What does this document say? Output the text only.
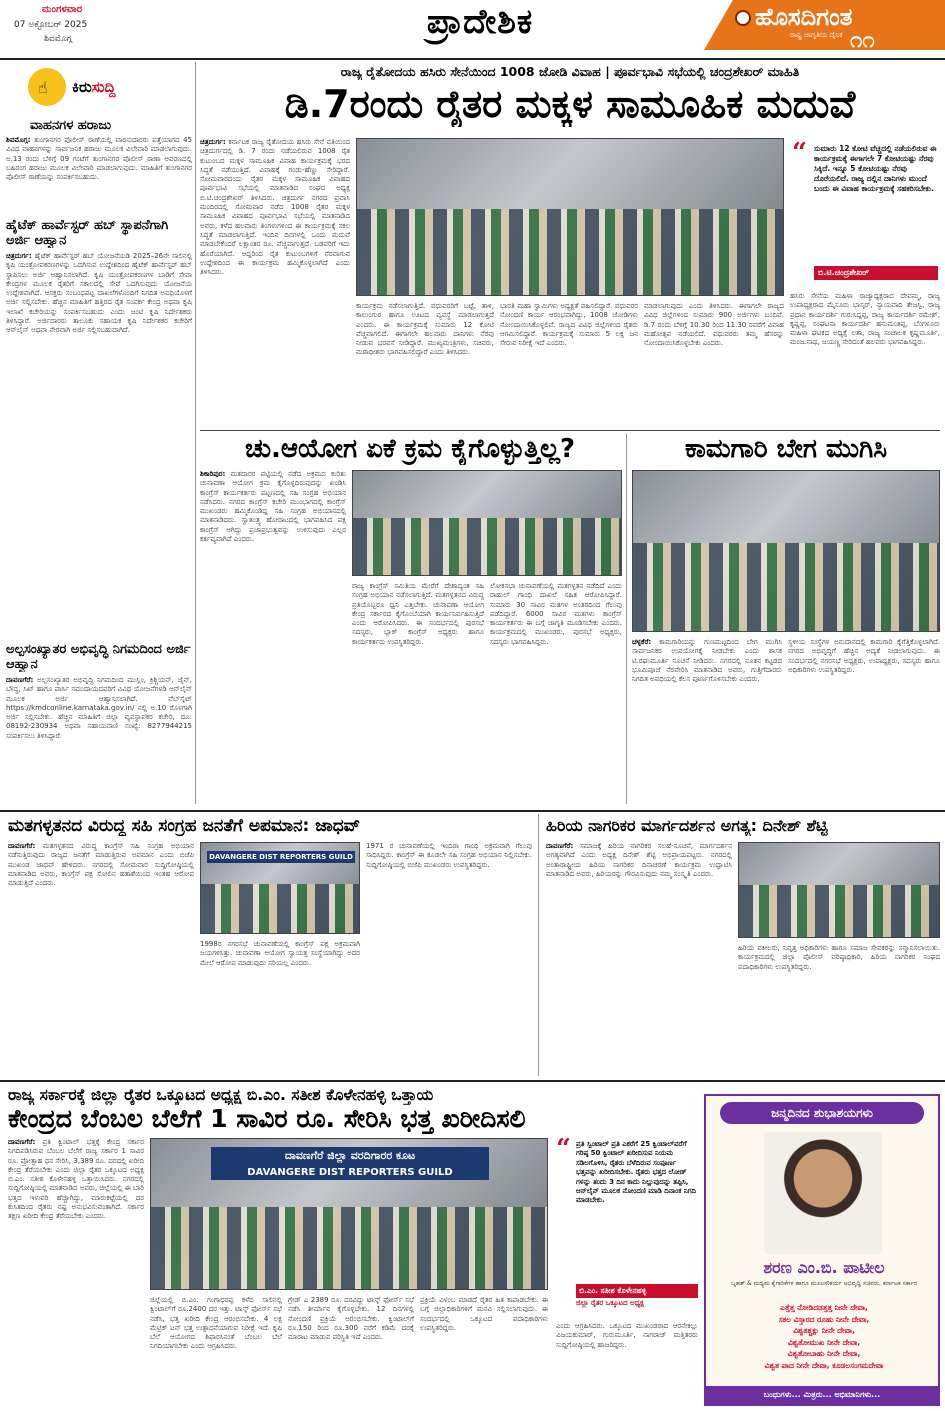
ಮಂಗಳವಾರ
07 ಅಕ್ಟೋಬರ್ 2025
ಶಿವಮೊಗ್ಗ	ಪ್ರಾದೇಶಿಕ	ಹೊಸದಿಗಂತ
ರಾಷ್ಟ್ರ ಜಾಗೃತಿಯ ದೈನಿಕ ೧೧
☝ ಕಿರುಸುದ್ದಿ
ವಾಹನಗಳ ಹರಾಜು
ಶಿವಮೊಗ್ಗ: ತುಂಗಾನಗರ ಪೊಲೀಸ್ ಠಾಣೆಯಲ್ಲಿ ವಾರಸುದಾರರು ಪತ್ತೆಯಾಗದ 45 ವಿವಿಧ ವಾಹನಗಳನ್ನು ಸಾರ್ವಜನಿಕ ಹರಾಜು ಮೂಲಕ ವಿಲೇವಾರಿ ಮಾಡಲಾಗುವುದು. ಅ.13 ರಂದು ಬೆಳಿಗ್ಗೆ 09 ಗಂಟೆಗೆ ತುಂಗಾನಗರ ಪೊಲೀಸ್ ಠಾಣಾ ಆವರಣದಲ್ಲಿ ಬಹಿರಂಗ ಹರಾಜು ಮೂಲಕ ವಿಲೇವಾರಿ ಮಾಡಲಾಗುವುದು. ಮಾಹಿತಿಗೆ ತುಂಗಾನಗರ ಪೊಲೀಸ್ ಠಾಣೆಯನ್ನು ಸಂಪರ್ಕಿಸಬಹುದು.
ಹೈಟೆಕ್ ಹಾರ್ವೆಸ್ಟರ್ ಹಬ್ ಸ್ಥಾಪನೆಗಾಗಿ ಅರ್ಜಿ ಆಹ್ವಾನ
ಚಿತ್ರದುರ್ಗ: ಹೈಟೆಕ್ ಹಾರ್ವೆಸ್ಟರ್ ಹಬ್ ಯೋಜನೆಯಡಿ 2025–26ನೇ ಸಾಲಿನಲ್ಲಿ ಕೃಷಿ ಯಂತ್ರೋಪಕರಣಗಳನ್ನು ಒದಗಿಸುವ ಉದ್ದೇಶದಿಂದ ಹೈಟೆಕ್ ಹಾರ್ವೆಸ್ಟರ್ ಹಬ್ ಸ್ಥಾಪಿಸಲು ಅರ್ಜಿ ಆಹ್ವಾನಿಸಲಾಗಿದೆ. ಕೃಷಿ ಯಂತ್ರೋಪಕರಣಗಳ ಬಾಡಿಗೆ ಸೇವಾ ಕೇಂದ್ರಗಳ ಮೂಲಕ ರೈತರಿಗೆ ಸಕಾಲದಲ್ಲಿ ಸೇವೆ ಒದಗಿಸುವುದು ಯೋಜನೆಯ ಉದ್ದೇಶವಾಗಿದೆ. ಆಸಕ್ತರು ಸಂಬಂಧಪಟ್ಟ ದಾಖಲೆಗಳೊಂದಿಗೆ ನಿಗದಿತ ಅವಧಿಯೊಳಗೆ ಅರ್ಜಿ ಸಲ್ಲಿಸಬೇಕು. ಹೆಚ್ಚಿನ ಮಾಹಿತಿಗೆ ಹತ್ತಿರದ ರೈತ ಸಂಪರ್ಕ ಕೇಂದ್ರ ಅಥವಾ ಕೃಷಿ ಇಲಾಖೆ ಕಚೇರಿಯನ್ನು ಸಂಪರ್ಕಿಸಬಹುದು ಎಂದು ಜಂಟಿ ಕೃಷಿ ನಿರ್ದೇಶಕರು ತಿಳಿಸಿದ್ದಾರೆ. ಅರ್ಜಿದಾರರು ತಾಲೂಕು ಸಹಾಯಕ ಕೃಷಿ ನಿರ್ದೇಶಕರ ಕಚೇರಿಗೆ ಆನ್‌ಲೈನ್ ಅಥವಾ ನೇರವಾಗಿ ಅರ್ಜಿ ಸಲ್ಲಿಸಬಹುದಾಗಿದೆ.
ಅಲ್ಪಸಂಖ್ಯಾತರ ಅಭಿವೃದ್ಧಿ ನಿಗಮದಿಂದ ಅರ್ಜಿ ಆಹ್ವಾನ
ದಾವಣಗೆರೆ: ಅಲ್ಪಸಂಖ್ಯಾತರ ಅಭಿವೃದ್ಧಿ ನಿಗಮದಿಂದ ಮುಸ್ಲಿಂ, ಕ್ರಿಶ್ಚಿಯನ್, ಜೈನ್, ಬೌದ್ಧ, ಸಿಖ್ ಹಾಗೂ ಪಾರ್ಸಿ ಸಮುದಾಯದವರಿಗೆ ವಿವಿಧ ಯೋಜನೆಗಳಡಿ ಆನ್‌ಲೈನ್ ಮೂಲಕ ಅರ್ಜಿ ಆಹ್ವಾನಿಸಲಾಗಿದೆ. ವೆಬ್‌ಸೈಟ್ https://kmdconline.karnataka.gov.in/ ನಲ್ಲಿ ಅ.10 ರೊಳಗಾಗಿ ಅರ್ಜಿ ಸಲ್ಲಿಸಬೇಕು. ಹೆಚ್ಚಿನ ಮಾಹಿತಿಗೆ ಜಿಲ್ಲಾ ವ್ಯವಸ್ಥಾಪಕರ ಕಚೇರಿ, ದೂ: 08192-230934 ಅಥವಾ ಸಹಾಯವಾಣಿ ಸಂಖ್ಯೆ: 8277944215 ಸಂಪರ್ಕಿಸಲು ತಿಳಿಸಿದ್ದಾರೆ.
ರಾಜ್ಯ ರೈತೋದಯ ಹಸಿರು ಸೇನೆಯಿಂದ 1008 ಜೋಡಿ ವಿವಾಹ | ಪೂರ್ವಭಾವಿ ಸಭೆಯಲ್ಲಿ ಚಂದ್ರಶೇಖರ್ ಮಾಹಿತಿ
ಡಿ.7ರಂದು ರೈತರ ಮಕ್ಕಳ ಸಾಮೂಹಿಕ ಮದುವೆ
ಚಿತ್ರದುರ್ಗ: ಕರ್ನಾಟಕ ರಾಜ್ಯ ರೈತೋದಯ ಹಸಿರು ಸೇನೆ ವತಿಯಿಂದ ಚಿತ್ರದುರ್ಗದಲ್ಲಿ ಡಿ. 7 ರಂದು ನಡೆಯಲಿರುವ 1008 ರೈತ ಕುಟುಂಬದ ಮಕ್ಕಳ ಸಾಮೂಹಿಕ ವಿವಾಹ ಕಾರ್ಯಕ್ರಮಕ್ಕೆ ಭರದ ಸಿದ್ಧತೆ ನಡೆಯುತ್ತಿದೆ. ವಿವಾಹಕ್ಕೆ ಗಂಡು-ಹೆಣ್ಣು ಸೇರಿದ್ದಾರೆ. ಸೋಮವಾರದಂದು ರೈತರ ಮಕ್ಕಳ ಸಾಮೂಹಿಕ ವಿವಾಹದ ಪೂರ್ವಭಾವಿ ಸಭೆಯಲ್ಲಿ ಮಾತನಾಡಿದ ಸಂಘದ ಅಧ್ಯಕ್ಷ ಬಿ.ಟಿ.ಚಂದ್ರಶೇಖರ್ ತಿಳಿಸಿದರು. ಚಿತ್ರದುರ್ಗ ನಗರದ ಪ್ರವಾಸಿ ಮಂದಿರದಲ್ಲಿ ಸೋಮವಾರ ನಡೆದ 1008 ರೈತರ ಮಕ್ಕಳ ಸಾಮೂಹಿಕ ವಿವಾಹದ ಪೂರ್ವಭಾವಿ ಸಭೆಯಲ್ಲಿ ಮಾತನಾಡಿದ ಅವರು, ಕಳೆದ ಹಲವಾರು ತಿಂಗಳುಗಳಿಂದ ಈ ಕಾರ್ಯಕ್ರಮಕ್ಕೆ ಸಕಲ ಸಿದ್ಧತೆ ಮಾಡಲಾಗುತ್ತಿದೆ. ಇಂದಿನ ದಿನಗಳಲ್ಲಿ ಒಂದು ಮದುವೆ ಮಾಡಬೇಕೆಂದರೆ ಲಕ್ಷಾಂತರ ರೂ. ವೆಚ್ಚವಾಗುತ್ತದೆ. ಬಡವರಿಗೆ ಇದು ಹೊರೆಯಾಗಿದೆ. ಆದ್ದರಿಂದ ರೈತ ಕುಟುಂಬಗಳಿಗೆ ನೆರವಾಗುವ ಉದ್ದೇಶದಿಂದ ಈ ಕಾರ್ಯಕ್ರಮ ಹಮ್ಮಿಕೊಳ್ಳಲಾಗಿದೆ ಎಂದು ತಿಳಿಸಿದರು.
ಕಾರ್ಯಕ್ರಮ ನಡೆಸಲಾಗುತ್ತಿದೆ. ವಧುವರರಿಗೆ ಬಟ್ಟೆ, ತಾಳಿ, ಕಾಲುಂಗುರ ಹಾಗೂ ಊಟದ ವ್ಯವಸ್ಥೆ ಮಾಡಲಾಗುತ್ತದೆ ಎಂದರು. ಈ ಕಾರ್ಯಕ್ರಮಕ್ಕೆ ಸುಮಾರು 12 ಕೋಟಿ ವೆಚ್ಚವಾಗಲಿದೆ. ಈಗಾಗಲೇ ಹಲವಾರು ದಾನಿಗಳು ನೆರವು ನೀಡುವ ಭರವಸೆ ನೀಡಿದ್ದಾರೆ. ಮುಖ್ಯಮಂತ್ರಿಗಳು, ಸಚಿವರು, ಮಠಾಧೀಶರು ಭಾಗವಹಿಸಲಿದ್ದಾರೆ ಎಂದು ತಿಳಿಸಿದರು.
ಭಾರತಿ ಮಹಾ ಸ್ವಾಮಿಗಳು ಅಧ್ಯಕ್ಷತೆ ವಹಿಸಲಿದ್ದಾರೆ. ವಧುವರರ ನೋಂದಣಿ ಕಾರ್ಯ ಆರಂಭವಾಗಿದ್ದು, 1008 ಜೋಡಿಗಳು ನೋಂದಾಯಿಸಿಕೊಳ್ಳಲಿವೆ. ರಾಜ್ಯದ ವಿವಿಧ ಜಿಲ್ಲೆಗಳಿಂದ ರೈತರು ಆಗಮಿಸಲಿದ್ದಾರೆ. ಕಾರ್ಯಕ್ರಮಕ್ಕೆ ಸುಮಾರು 5 ಲಕ್ಷ ಜನ ಸೇರುವ ನಿರೀಕ್ಷೆ ಇದೆ ಎಂದರು.
ಮಾಡಲಾಗುವುದು ಎಂದು ತಿಳಿಸಿದರು. ಈಗಾಗಲೇ ರಾಜ್ಯದ ವಿವಿಧ ಜಿಲ್ಲೆಗಳಿಂದ ಸುಮಾರು 900 ಅರ್ಜಿಗಳು ಬಂದಿವೆ. ಡಿ.7 ರಂದು ಬೆಳಿಗ್ಗೆ 10.30 ರಿಂದ 11.30 ರವರೆಗೆ ವಿವಾಹ ಮಹೋತ್ಸವ ನಡೆಯಲಿದೆ. ವಧುವರರು ತಮ್ಮ ಹೆಸರನ್ನು ನೋಂದಾಯಿಸಿಕೊಳ್ಳಬೇಕು ಎಂದರು.
“ ಸುಮಾರು 12 ಕೋಟಿ ವೆಚ್ಚದಲ್ಲಿ ನಡೆಯಲಿರುವ ಈ ಕಾರ್ಯಕ್ರಮಕ್ಕೆ ಈಗಾಗಲೇ 7 ಕೋಟಿಯಷ್ಟು ನೆರವು ಸಿಕ್ಕಿದೆ. ಇನ್ನೂ 5 ಕೋಟಿಯಷ್ಟು ನೆರವು ದೊರೆಯಲಿದೆ. ರಾಜ್ಯ ದಲ್ಲಿನ ದಾನಿಗಳು ಮುಂದೆ ಬಂದು ಈ ವಿವಾಹ ಕಾರ್ಯಕ್ರಮಕ್ಕೆ ಸಹಕರಿಸಬೇಕು.
ಬಿ.ಟಿ.ಚಂದ್ರಶೇಖರ್
ಹಸಿರು ಸೇನೆಯ ಮಹಿಳಾ ರಾಜ್ಯಾಧ್ಯಕ್ಷರಾದ ದೇವಮ್ಮ, ರಾಜ್ಯ ಉಪಾಧ್ಯಕ್ಷರಾದ ಮೈಸೂರು ಭಾಸ್ಕರ್, ನ್ಯಾಯವಾದಿ ತೇಜಸ್ವಿ, ರಾಜ್ಯ ಪ್ರಧಾನ ಕಾರ್ಯದರ್ಶಿ ಗುರುಸಿದ್ದಪ್ಪ, ರಾಜ್ಯ ಕಾರ್ಯದರ್ಶಿ ರಮೇಶ್, ಕೃಷ್ಣಪ್ಪ, ಸಂಘಟನಾ ಕಾರ್ಯದರ್ಶಿ ಹನುಮಂತಪ್ಪ, ಬೆಂಗಳೂರು ಮಹಿಳಾ ಘಟಕದ ಅಧ್ಯಕ್ಷೆ ಲತಾ, ರಾಜ್ಯ ಸಂಚಾಲಕ ಕೃಷ್ಣಮೂರ್ತಿ, ಮಂಜುನಾಥ, ಜಯಣ್ಣ ಸೇರಿದಂತೆ ಹಲವರು ಭಾಗವಹಿಸಿದ್ದರು.
ಚು.ಆಯೋಗ ಏಕೆ ಕ್ರಮ ಕೈಗೊಳ್ಳುತ್ತಿಲ್ಲ?
ಶಿಕಾರಿಪುರ: ಮತದಾರರ ಪಟ್ಟಿಯಲ್ಲಿ ನಡೆದ ಅಕ್ರಮದ ಕುರಿತು ಚುನಾವಣಾ ಆಯೋಗ ಕ್ರಮ ಕೈಗೊಳ್ಳದಿರುವುದನ್ನು ಖಂಡಿಸಿ ಕಾಂಗ್ರೆಸ್ ಕಾರ್ಯಕರ್ತರು ಪಟ್ಟಣದಲ್ಲಿ ಸಹಿ ಸಂಗ್ರಹ ಅಭಿಯಾನ ನಡೆಸಿದರು. ನಗರದ ಕಾಂಗ್ರೆಸ್ ಕಚೇರಿ ಮುಂಭಾಗದಲ್ಲಿ ಕಾಂಗ್ರೆಸ್ ಮುಖಂಡರು ಹಮ್ಮಿಕೊಂಡಿದ್ದ ಸಹಿ ಸಂಗ್ರಹ ಅಭಿಯಾನದಲ್ಲಿ ಮಾತನಾಡಿದರು. ಸ್ವಾತಂತ್ರ್ಯ ಹೋರಾಟದಲ್ಲಿ ಭಾಗವಹಿಸಿದ ಪಕ್ಷ ಕಾಂಗ್ರೆಸ್ ಆಗಿದ್ದು ಪ್ರಜಾಪ್ರಭುತ್ವವನ್ನು ಉಳಿಸುವುದು ಎಲ್ಲರ ಕರ್ತವ್ಯವಾಗಿದೆ ಎಂದರು.
ರಾಜ್ಯ ಕಾಂಗ್ರೆಸ್ ಸಮಿತಿಯ ಮೇರೆಗೆ ದೇಶಾದ್ಯಂತ ಸಹಿ ಸಂಗ್ರಹ ಅಭಿಯಾನ ನಡೆಸಲಾಗುತ್ತಿದೆ. ಮತಗಳ್ಳತನದ ವಿರುದ್ಧ ಪ್ರತಿಯೊಬ್ಬರೂ ಧ್ವನಿ ಎತ್ತಬೇಕು. ಚುನಾವಣಾ ಆಯೋಗ ಕೇಂದ್ರ ಸರ್ಕಾರದ ಕೈಗೊಂಬೆಯಾಗಿ ಕಾರ್ಯನಿರ್ವಹಿಸುತ್ತಿದೆ ಎಂದು ಆರೋಪಿಸಿದರು. ಈ ಸಂದರ್ಭದಲ್ಲಿ ಪುರಸಭೆ ಸದಸ್ಯರು, ಬ್ಲಾಕ್ ಕಾಂಗ್ರೆಸ್ ಅಧ್ಯಕ್ಷರು ಹಾಗೂ ಕಾರ್ಯಕರ್ತರು ಉಪಸ್ಥಿತರಿದ್ದರು.
ಲೋಕಸಭಾ ಚುನಾವಣೆಯಲ್ಲಿ ಮತಗಳ್ಳತನ ನಡೆದಿದೆ ಎಂದು ರಾಹುಲ್ ಗಾಂಧಿ ದಾಖಲೆ ಸಹಿತ ಆರೋಪಿಸಿದ್ದಾರೆ. ಸುಮಾರು 30 ಸಾವಿರ ಮತಗಳ ಅಂತರದಿಂದ ಗೆಲುವು ಪಡೆದಿದ್ದಾರೆ. 6000 ಸಾವಿರ ಮತಗಳು ಕಾಂಗ್ರೆಸ್ ಕಾರ್ಯಕರ್ತರು ಈ ಬಗ್ಗೆ ಜಾಗೃತಿ ಮೂಡಿಸಬೇಕು ಎಂದರು. ಕಾರ್ಯಕ್ರಮದಲ್ಲಿ ಮುಖಂಡರು, ಪುರಸಭೆ ಅಧ್ಯಕ್ಷರು, ಸದಸ್ಯರು ಭಾಗವಹಿಸಿದ್ದರು.
ಕಾಮಗಾರಿ ಬೇಗ ಮುಗಿಸಿ
ಚಳ್ಳಕೆರೆ: ಕಾಮಗಾರಿಯನ್ನು ಗುಣಮಟ್ಟದಿಂದ ಬೇಗ ಮುಗಿಸಿ ಸಾರ್ವಜನಿಕರ ಉಪಯೋಗಕ್ಕೆ ನೀಡಬೇಕು ಎಂದು ಶಾಸಕ ಟಿ.ರಘುಮೂರ್ತಿ ಸೂಚನೆ ನೀಡಿದರು. ನಗರದಲ್ಲಿ ನೂತನ ಕಟ್ಟಡದ ಭೂಮಿಪೂಜೆ ನೆರವೇರಿಸಿ ಮಾತನಾಡಿದ ಅವರು, ಗುತ್ತಿಗೆದಾರರು ನಿಗದಿತ ಅವಧಿಯಲ್ಲಿ ಕೆಲಸ ಪೂರ್ಣಗೊಳಿಸಬೇಕು ಎಂದರು.
ಸ್ಥಳೀಯ ಸಂಸ್ಥೆಗಳ ಅನುದಾನದಲ್ಲಿ ಕಾಮಗಾರಿ ಕೈಗೆತ್ತಿಕೊಳ್ಳಲಾಗಿದೆ. ನಗರದ ಅಭಿವೃದ್ಧಿಗೆ ಹೆಚ್ಚಿನ ಆದ್ಯತೆ ನೀಡಲಾಗುವುದು. ಈ ಸಂದರ್ಭದಲ್ಲಿ ನಗರಸಭೆ ಅಧ್ಯಕ್ಷರು, ಉಪಾಧ್ಯಕ್ಷರು, ಸದಸ್ಯರು ಹಾಗೂ ಅಧಿಕಾರಿಗಳು ಉಪಸ್ಥಿತರಿದ್ದರು.
ಮತಗಳ್ಳತನದ ವಿರುದ್ಧ ಸಹಿ ಸಂಗ್ರಹ ಜನತೆಗೆ ಅಪಮಾನ: ಜಾಧವ್
ದಾವಣಗೆರೆ: ಮತಗಳ್ಳತನದ ವಿರುದ್ಧ ಕಾಂಗ್ರೆಸ್ ಸಹಿ ಸಂಗ್ರಹ ಅಭಿಯಾನ ನಡೆಸುತ್ತಿರುವುದು ರಾಜ್ಯದ ಜನತೆಗೆ ಮಾಡುತ್ತಿರುವ ಅಪಮಾನ ಎಂದು ಬಿಜೆಪಿ ಮುಖಂಡ ಜಾಧವ್ ಹೇಳಿದರು. ನಗರದಲ್ಲಿ ಸೋಮವಾರ ಸುದ್ದಿಗೋಷ್ಠಿಯಲ್ಲಿ ಮಾತನಾಡಿದ ಅವರು, ಕಾಂಗ್ರೆಸ್ ಪಕ್ಷ ಸೋಲಿನ ಹತಾಶೆಯಿಂದ ಇಂತಹ ಆರೋಪ ಮಾಡುತ್ತಿದೆ ಎಂದರು.
DAVANGERE DIST REPORTERS GUILD
1998ರ ನಗರಸಭೆ ಚುನಾವಣೆಯಲ್ಲಿ ಕಾಂಗ್ರೆಸ್ ಪಕ್ಷ ಅಕ್ರಮವಾಗಿ ಜಯಗಳಿಸಿತ್ತು. ಚುನಾವಣಾ ಆಯೋಗ ಸ್ವಾಯತ್ತ ಸಂಸ್ಥೆಯಾಗಿದ್ದು ಅದರ ಮೇಲೆ ಆರೋಪ ಮಾಡುವುದು ಸರಿಯಲ್ಲ ಎಂದರು.
1971 ರ ಚುನಾವಣೆಯಲ್ಲಿ ಇಂದಿರಾ ಗಾಂಧಿ ಅಕ್ರಮವಾಗಿ ಗೆಲುವು ಸಾಧಿಸಿದ್ದರು. ಕಾಂಗ್ರೆಸ್ ಈ ಕೂಡಲೇ ಸಹಿ ಸಂಗ್ರಹ ಅಭಿಯಾನ ನಿಲ್ಲಿಸಬೇಕು. ಸುದ್ದಿಗೋಷ್ಠಿಯಲ್ಲಿ ಬಿಜೆಪಿ ಮುಖಂಡರು ಉಪಸ್ಥಿತರಿದ್ದರು.
ಹಿರಿಯ ನಾಗರಿಕರ ಮಾರ್ಗದರ್ಶನ ಅಗತ್ಯ: ದಿನೇಶ್ ಶೆಟ್ಟಿ
ದಾವಣಗೆರೆ: ಸಮಾಜಕ್ಕೆ ಹಿರಿಯ ನಾಗರಿಕರ ಸಲಹೆ-ಸೂಚನೆ, ಮಾರ್ಗದರ್ಶನ ಅಗತ್ಯವಾಗಿದೆ ಎಂದು ಅಧ್ಯಕ್ಷ ದಿನೇಶ್ ಶೆಟ್ಟಿ ಅಭಿಪ್ರಾಯಪಟ್ಟರು. ನಗರದಲ್ಲಿ ಅಂತಾರಾಷ್ಟ್ರೀಯ ಹಿರಿಯ ನಾಗರಿಕರ ದಿನಾಚರಣೆ ಕಾರ್ಯಕ್ರಮ ಉದ್ಘಾಟಿಸಿ ಮಾತನಾಡಿದ ಅವರು, ಹಿರಿಯರನ್ನು ಗೌರವಿಸುವುದು ನಮ್ಮ ಸಂಸ್ಕೃತಿ ಎಂದರು.
ಹಿರಿಯ ವಕೀಲರು, ನಿವೃತ್ತ ಅಧಿಕಾರಿಗಳು ಹಾಗೂ ಸಮಾಜ ಸೇವಕರನ್ನು ಸನ್ಮಾನಿಸಲಾಯಿತು. ಕಾರ್ಯಕ್ರಮದಲ್ಲಿ ಜಿಲ್ಲಾ ಪೊಲೀಸ್ ವರಿಷ್ಠಾಧಿಕಾರಿ, ಹಿರಿಯ ನಾಗರಿಕರ ಸಂಘದ ಪದಾಧಿಕಾರಿಗಳು ಉಪಸ್ಥಿತರಿದ್ದರು.
ರಾಜ್ಯ ಸರ್ಕಾರಕ್ಕೆ ಜಿಲ್ಲಾ ರೈತರ ಒಕ್ಕೂಟದ ಅಧ್ಯಕ್ಷ ಬಿ.ಎಂ. ಸತೀಶ ಕೊಳೇನಹಳ್ಳಿ ಒತ್ತಾಯ
ಕೇಂದ್ರದ ಬೆಂಬಲ ಬೆಲೆಗೆ 1 ಸಾವಿರ ರೂ. ಸೇರಿಸಿ ಭತ್ತ ಖರೀದಿಸಲಿ
ದಾವಣಗೆರೆ: ಪ್ರತಿ ಕ್ವಿಂಟಾಲ್ ಭತ್ತಕ್ಕೆ ಕೇಂದ್ರ ಸರ್ಕಾರ ನಿಗದಿಪಡಿಸಿರುವ ಬೆಂಬಲ ಬೆಲೆಗೆ ರಾಜ್ಯ ಸರ್ಕಾರ 1 ಸಾವಿರ ರೂ. ಪ್ರೋತ್ಸಾಹ ಧನ ಸೇರಿಸಿ, 3,389 ರೂ. ದರದಲ್ಲಿ ಖರೀದಿ ಕೇಂದ್ರ ತೆರೆಯಬೇಕು ಎಂದು ಜಿಲ್ಲಾ ರೈತರ ಒಕ್ಕೂಟದ ಅಧ್ಯಕ್ಷ ಬಿ.ಎಂ. ಸತೀಶ ಕೊಳೇನಹಳ್ಳಿ ಒತ್ತಾಯಿಸಿದರು. ನಗರದಲ್ಲಿ ಸುದ್ದಿಗೋಷ್ಠಿಯಲ್ಲಿ ಮಾತನಾಡಿದ ಅವರು, ಜಿಲ್ಲೆಯಲ್ಲಿ ಈ ಬಾರಿ ಭತ್ತದ ಇಳುವರಿ ಹೆಚ್ಚಾಗಿದ್ದು, ಮಾರುಕಟ್ಟೆಯಲ್ಲಿ ದರ ಕುಸಿತದಿಂದ ರೈತರು ನಷ್ಟ ಅನುಭವಿಸುವಂತಾಗಿದೆ. ಸರ್ಕಾರ ತಕ್ಷಣ ಖರೀದಿ ಕೇಂದ್ರ ತೆರೆಯಬೇಕು ಎಂದರು.
ದಾವಣಗೆರೆ ಜಿಲ್ಲಾ ವರದಿಗಾರರ ಕೂಟ
DAVANGERE DIST REPORTERS GUILD
ಜಿಲ್ಲೆಯಲ್ಲಿ ಬಿ.ಎಂ. ಗಂಗಾಧರಪ್ಪ ಕಳೆದ ಸಾಲಿನಲ್ಲಿ ಕ್ವಿಂಟಾಲ್‌ಗೆ ರೂ.2400 ದರ ಇತ್ತು. ಟಾಸ್ಕ್ ಫೋರ್ಸ್ ಸಭೆ ನಡೆಸಿ, ಭತ್ತ ಖರೀದಿ ಕೇಂದ್ರ ಆರಂಭಿಸಬೇಕು. 4 ಲಕ್ಷ ಮೆಟ್ರಿಕ್ ಟನ್ ಭತ್ತ ಉತ್ಪಾದನೆಯಾಗುವ ನಿರೀಕ್ಷೆ ಇದೆ. ಕೃಷಿ ಬೆಲೆ ಆಯೋಗದ ಶಿಫಾರಸಿನಂತೆ ಬೆಂಬಲ ಬೆಲೆ ನಿಗದಿಯಾಗಬೇಕು ಎಂದು ಆಗ್ರಹಿಸಿದರು.
ಗ್ರೇಡ್ ಎ 2389 ರೂ. ದರವಿದ್ದು ಟಾಸ್ಕ್ ಫೋರ್ಸ್ ಸಭೆ ನಡೆಸಿ ತೀರ್ಮಾನ ಕೈಗೊಳ್ಳಬೇಕು. 12 ದಿನಗಳಲ್ಲಿ ನೋಂದಣಿ ಪ್ರಕ್ರಿಯೆ ಆರಂಭಿಸಬೇಕು. ಕ್ವಿಂಟಾಲ್‌ಗೆ ರೂ.150 ರಿಂದ ರೂ.300 ವರೆಗೆ ಕಡಿಮೆ ದರಕ್ಕೆ ಮಾರಾಟ ಮಾಡುವ ಪರಿಸ್ಥಿತಿ ಇದೆ ಎಂದರು.
ಪ್ರಕ್ರಿಯೆ ವಿಳಂಬ ಮಾಡದೆ ರೈತರ ಹಿತ ಕಾಪಾಡಬೇಕು. ಈ ಬಗ್ಗೆ ಜಿಲ್ಲಾಧಿಕಾರಿಗಳಿಗೆ ಮನವಿ ಸಲ್ಲಿಸಲಾಗುವುದು. ಈ ಸಂದರ್ಭದಲ್ಲಿ ಒಕ್ಕೂಟದ ಪದಾಧಿಕಾರಿಗಳು ಉಪಸ್ಥಿತರಿದ್ದರು.
“ ಪ್ರತಿ ಸ್ವಿಂಟಾಲ್ ಪ್ರತಿ ಎಕರೆಗೆ 25 ಕ್ವಿಂಟಾಲ್‌ವರೆಗೆ ಗರಿಷ್ಠ 50 ಕ್ವಿಂಟಾಲ್ ಖರೀದಿಸುವ ನಿಯಮ ಸಡಿಲಗೊಳಿಸಿ, ರೈತರು ಬೆಳೆದಿರುವ ಸಂಪೂರ್ಣ ಭತ್ತವನ್ನು ಖರೀದಿಸಬೇಕು. ರೈತರು ಭತ್ತದ ಲೋಡ್ ಗಳನ್ನು ತಂದು 3 ದಿನ ಕಾದು ನಿಲ್ಲುವುದನ್ನು ತಪ್ಪಿಸಿ, ಆನ್‌ಲೈನ್ ಮೂಲಕ ನೋಂದಣಿ ಮಾಡಿ ದಿನಾಂಕ ನಿಗದಿ ಮಾಡಬೇಕು.
ಬಿ.ಎಂ. ಸತೀಶ ಕೊಳೇನಹಳ್ಳಿ
ಜಿಲ್ಲಾ ರೈತರ ಒಕ್ಕೂಟದ ಅಧ್ಯಕ್ಷ
ಎಂದು ಆಗ್ರಹಿಸಿದರು. ಒಕ್ಕೂಟದ ಮುಖಂಡರಾದ ಆರನೇಕಲ್ಲು ವಿಜಯಕುಮಾರ್, ಗುರುಮೂರ್ತಿ, ನಾಗರಾಜ್ ಮತ್ತಿತರರು ಸುದ್ದಿಗೋಷ್ಠಿಯಲ್ಲಿ ಹಾಜರಿದ್ದರು.
ಜನ್ಮದಿನದ ಶುಭಾಶಯಗಳು
ಶರಣ ಎಂ.ಬಿ. ಪಾಟೀಲ
ಬೃಹತ್ & ಮಧ್ಯಮ ಕೈಗಾರಿಕೆಗಳ ಹಾಗೂ ಮೂಲಸೌಕರ್ಯ ಅಭಿವೃದ್ಧಿ ಸಚಿವರು, ಕರ್ನಾಟಕ ಸರ್ಕಾರ
ಎತ್ತೆತ್ತ ನೋಡಿದಡತ್ತತ್ತ ನೀನೇ ದೇವಾ,
ಸಕಲ ವಿಸ್ತಾರದ ರೂಹು ನೀನೇ ದೇವಾ,
ವಿಶ್ವತಶ್ಚಕ್ಷು ನೀನೇ ದೇವಾ,
ವಿಶ್ವತೋಮುಖ ನೀನೇ ದೇವಾ,
ವಿಶ್ವತೋಬಾಹು ನೀನೇ ದೇವಾ,
ವಿಶ್ವತ ಪಾದ ನೀನೇ ದೇವಾ, ಕೂಡಲಸಂಗಮದೇವಾ
ಬಂಧುಗಳು... ಮಿತ್ರರು... ಅಭಿಮಾನಿಗಳು...
